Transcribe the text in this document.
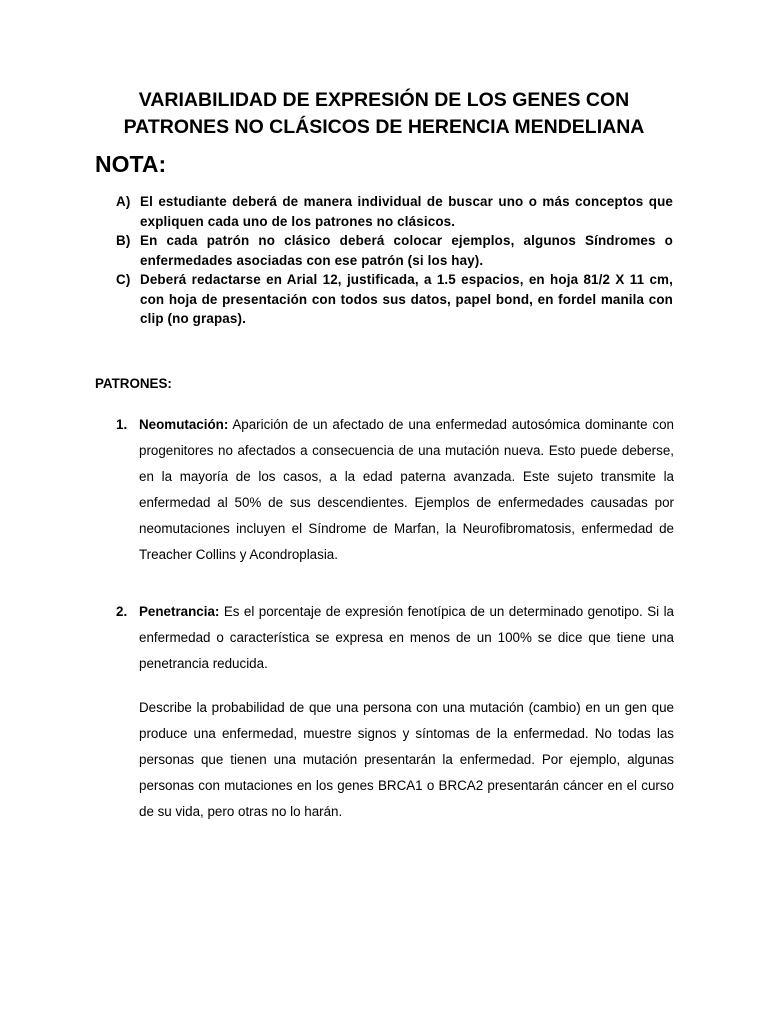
VARIABILIDAD DE EXPRESIÓN DE LOS GENES CON
PATRONES NO CLÁSICOS DE HERENCIA MENDELIANA
NOTA:
A) El estudiante deberá de manera individual de buscar uno o más conceptos que expliquen cada uno de los patrones no clásicos.
B) En cada patrón no clásico deberá colocar ejemplos, algunos Síndromes o enfermedades asociadas con ese patrón (si los hay).
C) Deberá redactarse en Arial 12, justificada, a 1.5 espacios, en hoja 81/2 X 11 cm, con hoja de presentación con todos sus datos, papel bond, en fordel manila con clip (no grapas).
PATRONES:
1. Neomutación: Aparición de un afectado de una enfermedad autosómica dominante con progenitores no afectados a consecuencia de una mutación nueva. Esto puede deberse, en la mayoría de los casos, a la edad paterna avanzada. Este sujeto transmite la enfermedad al 50% de sus descendientes. Ejemplos de enfermedades causadas por neomutaciones incluyen el Síndrome de Marfan, la Neurofibromatosis, enfermedad de Treacher Collins y Acondroplasia.

2. Penetrancia: Es el porcentaje de expresión fenotípica de un determinado genotipo. Si la enfermedad o característica se expresa en menos de un 100% se dice que tiene una penetrancia reducida.

Describe la probabilidad de que una persona con una mutación (cambio) en un gen que produce una enfermedad, muestre signos y síntomas de la enfermedad. No todas las personas que tienen una mutación presentarán la enfermedad. Por ejemplo, algunas personas con mutaciones en los genes BRCA1 o BRCA2 presentarán cáncer en el curso de su vida, pero otras no lo harán.
